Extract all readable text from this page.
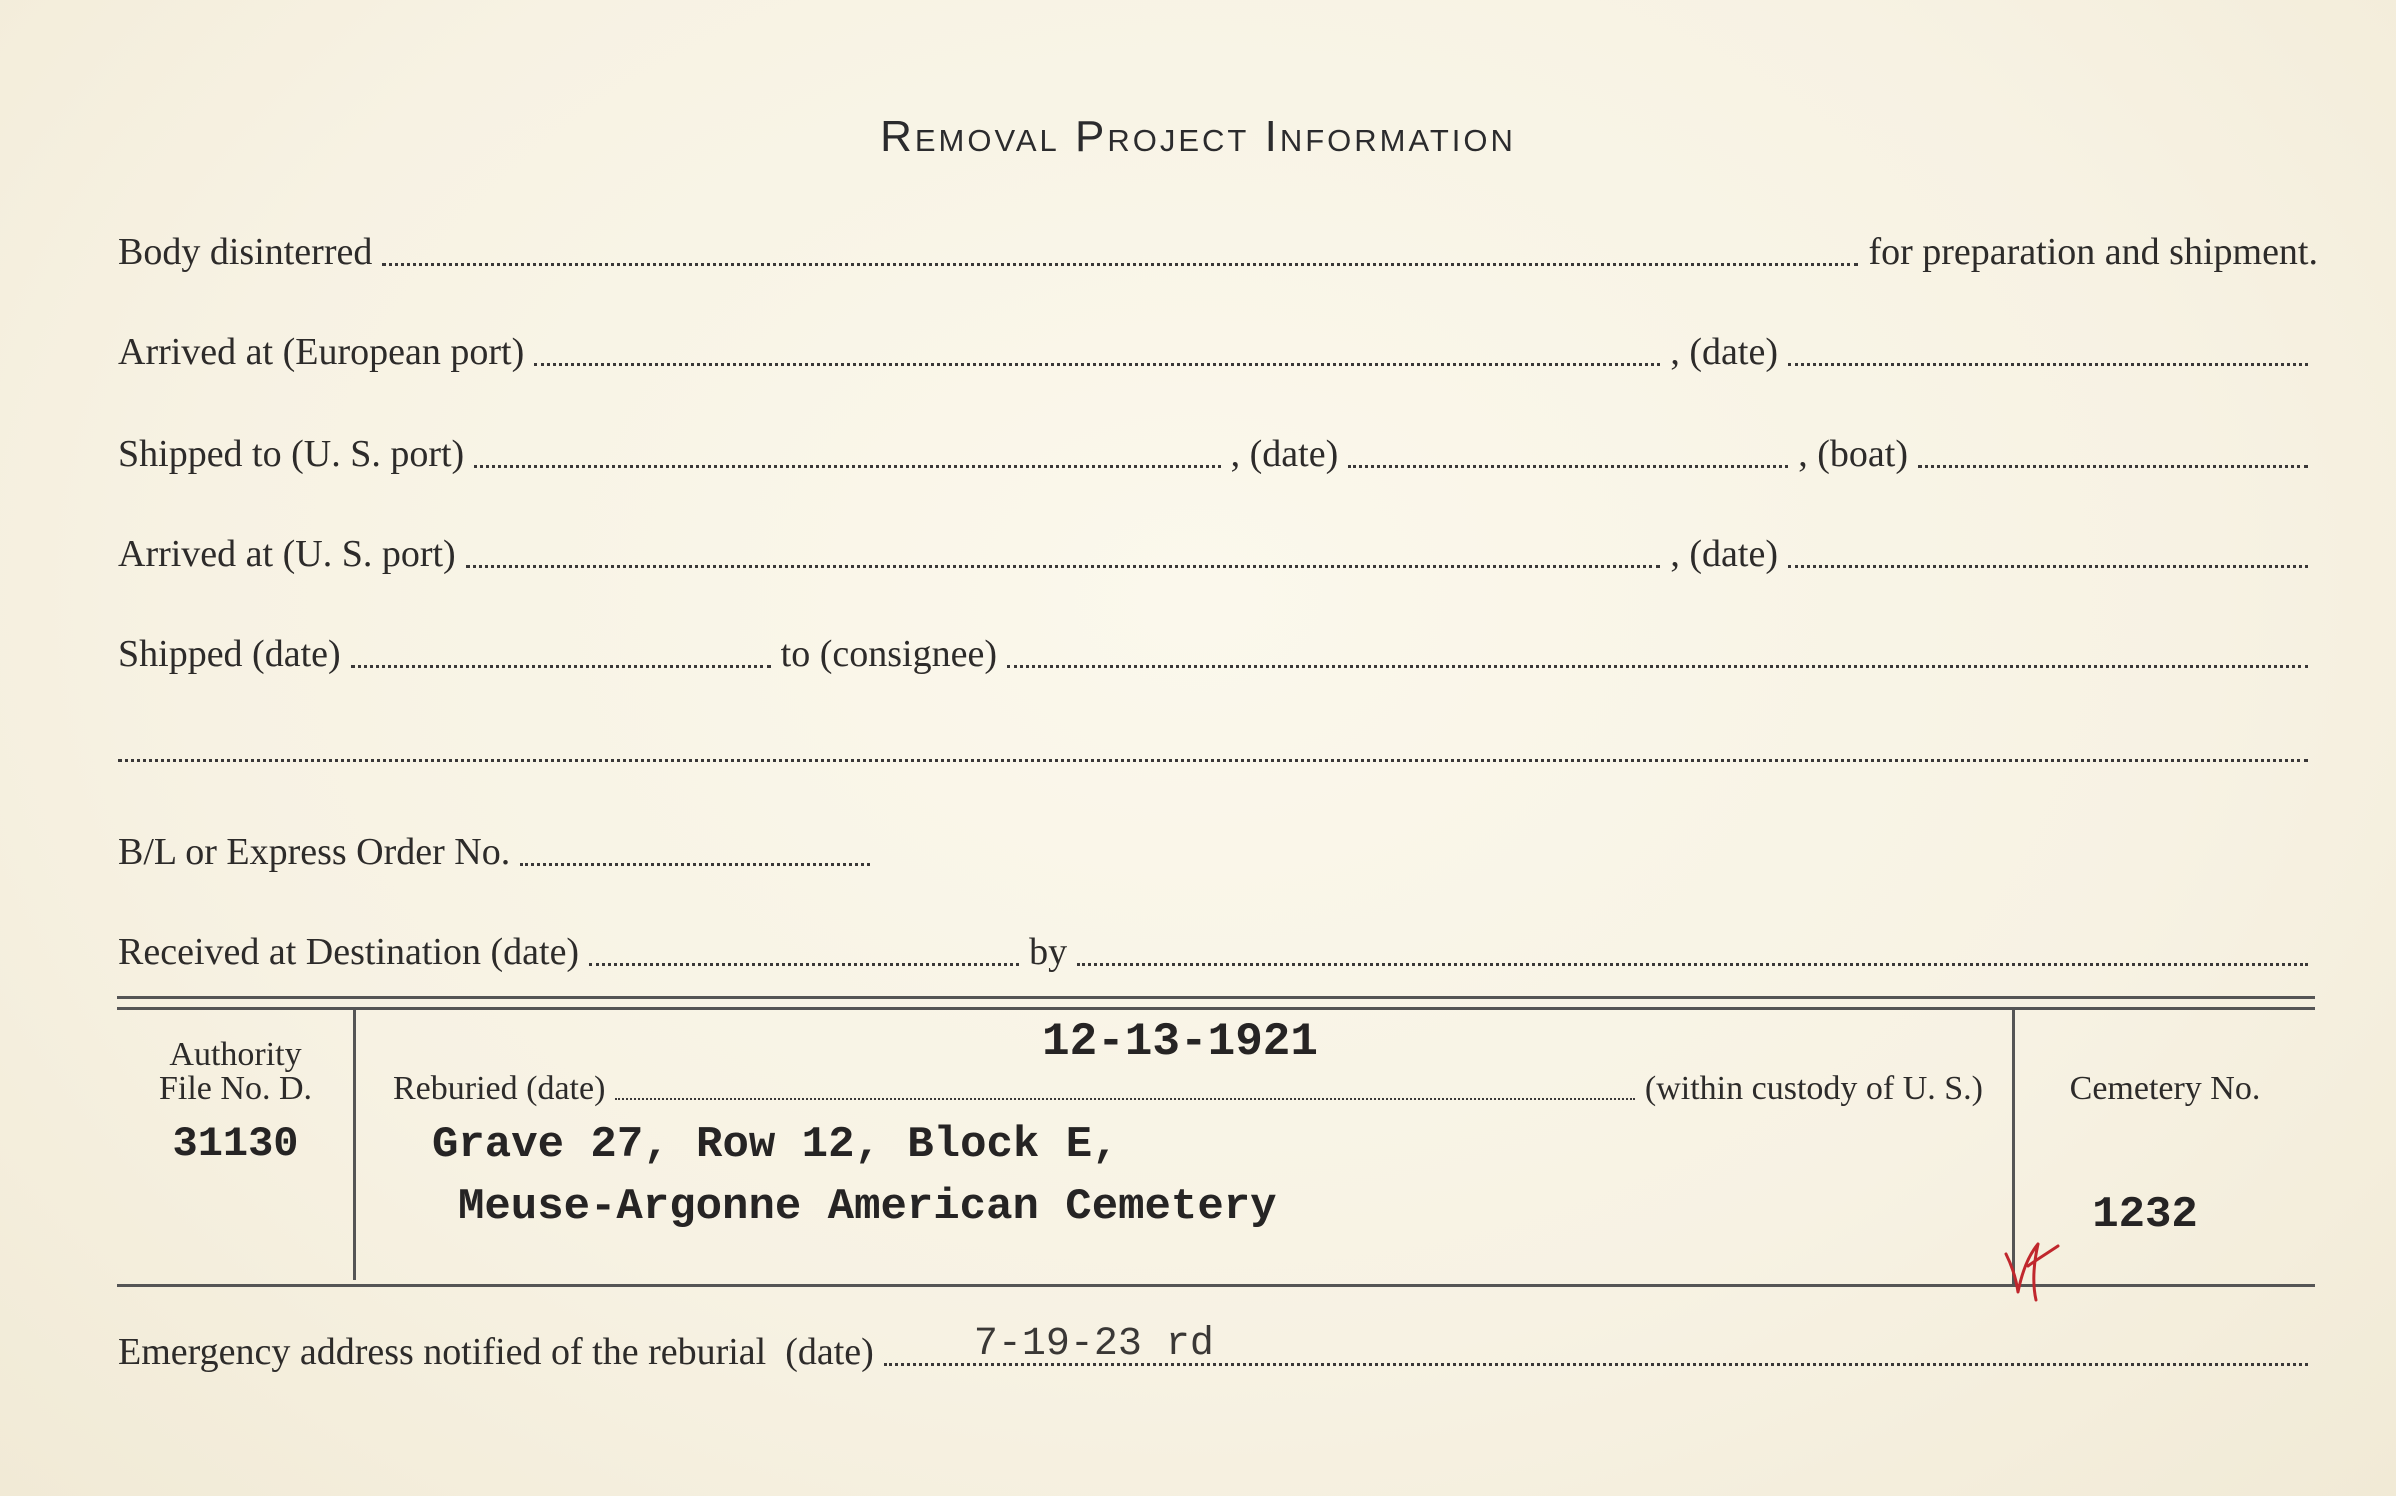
Removal Project Information
Body disinterred	for preparation and shipment.
Arrived at (European port)	, (date)
Shipped to (U. S. port)	, (date)	, (boat)
Arrived at (U. S. port)	, (date)
Shipped (date)	to (consignee)
B/L or Express Order No.
Received at Destination (date)	by
Authority
File No. D.
31130
12-13-1921
Reburied (date)	(within custody of U. S.)
Grave 27, Row 12, Block E,
Meuse-Argonne American Cemetery
Cemetery No.
1232
Emergency address notified of the reburial  (date)	7-19-23 rd
